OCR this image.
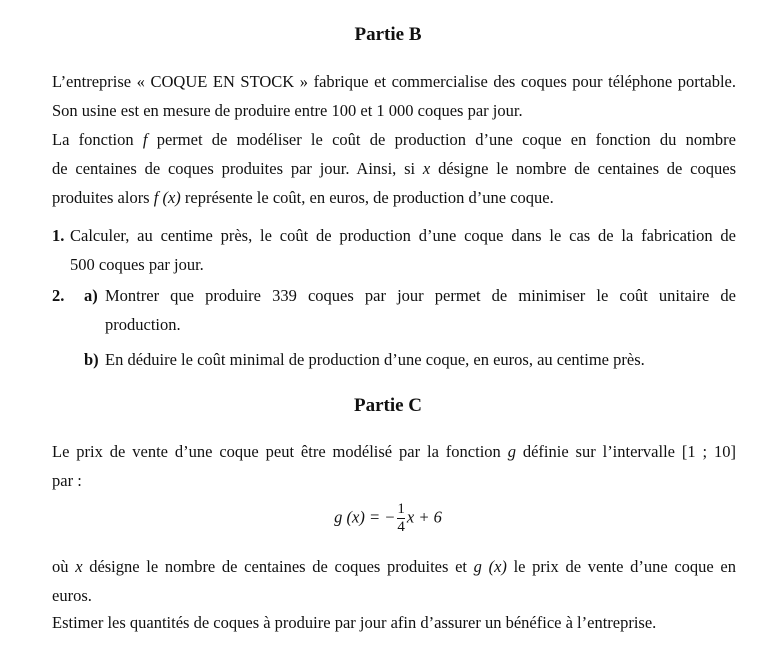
Partie B
L’entreprise « COQUE EN STOCK » fabrique et commercialise des coques pour téléphone portable.
Son usine est en mesure de produire entre 100 et 1 000 coques par jour.
La fonction f permet de modéliser le coût de production d’une coque en fonction du nombre
de centaines de coques produites par jour. Ainsi, si x désigne le nombre de centaines de coques
produites alors f (x) représente le coût, en euros, de production d’une coque.
1. Calculer, au centime près, le coût de production d’une coque dans le cas de la fabrication de
500 coques par jour.
2. a) Montrer que produire 339 coques par jour permet de minimiser le coût unitaire de
production.
b) En déduire le coût minimal de production d’une coque, en euros, au centime près.
Partie C
Le prix de vente d’une coque peut être modélisé par la fonction g définie sur l’intervalle [1 ; 10]
par :
g (x) = − $\frac{1}{4}$ x + 6
où x désigne le nombre de centaines de coques produites et g (x) le prix de vente d’une coque en
euros.
Estimer les quantités de coques à produire par jour afin d’assurer un bénéfice à l’entreprise.
